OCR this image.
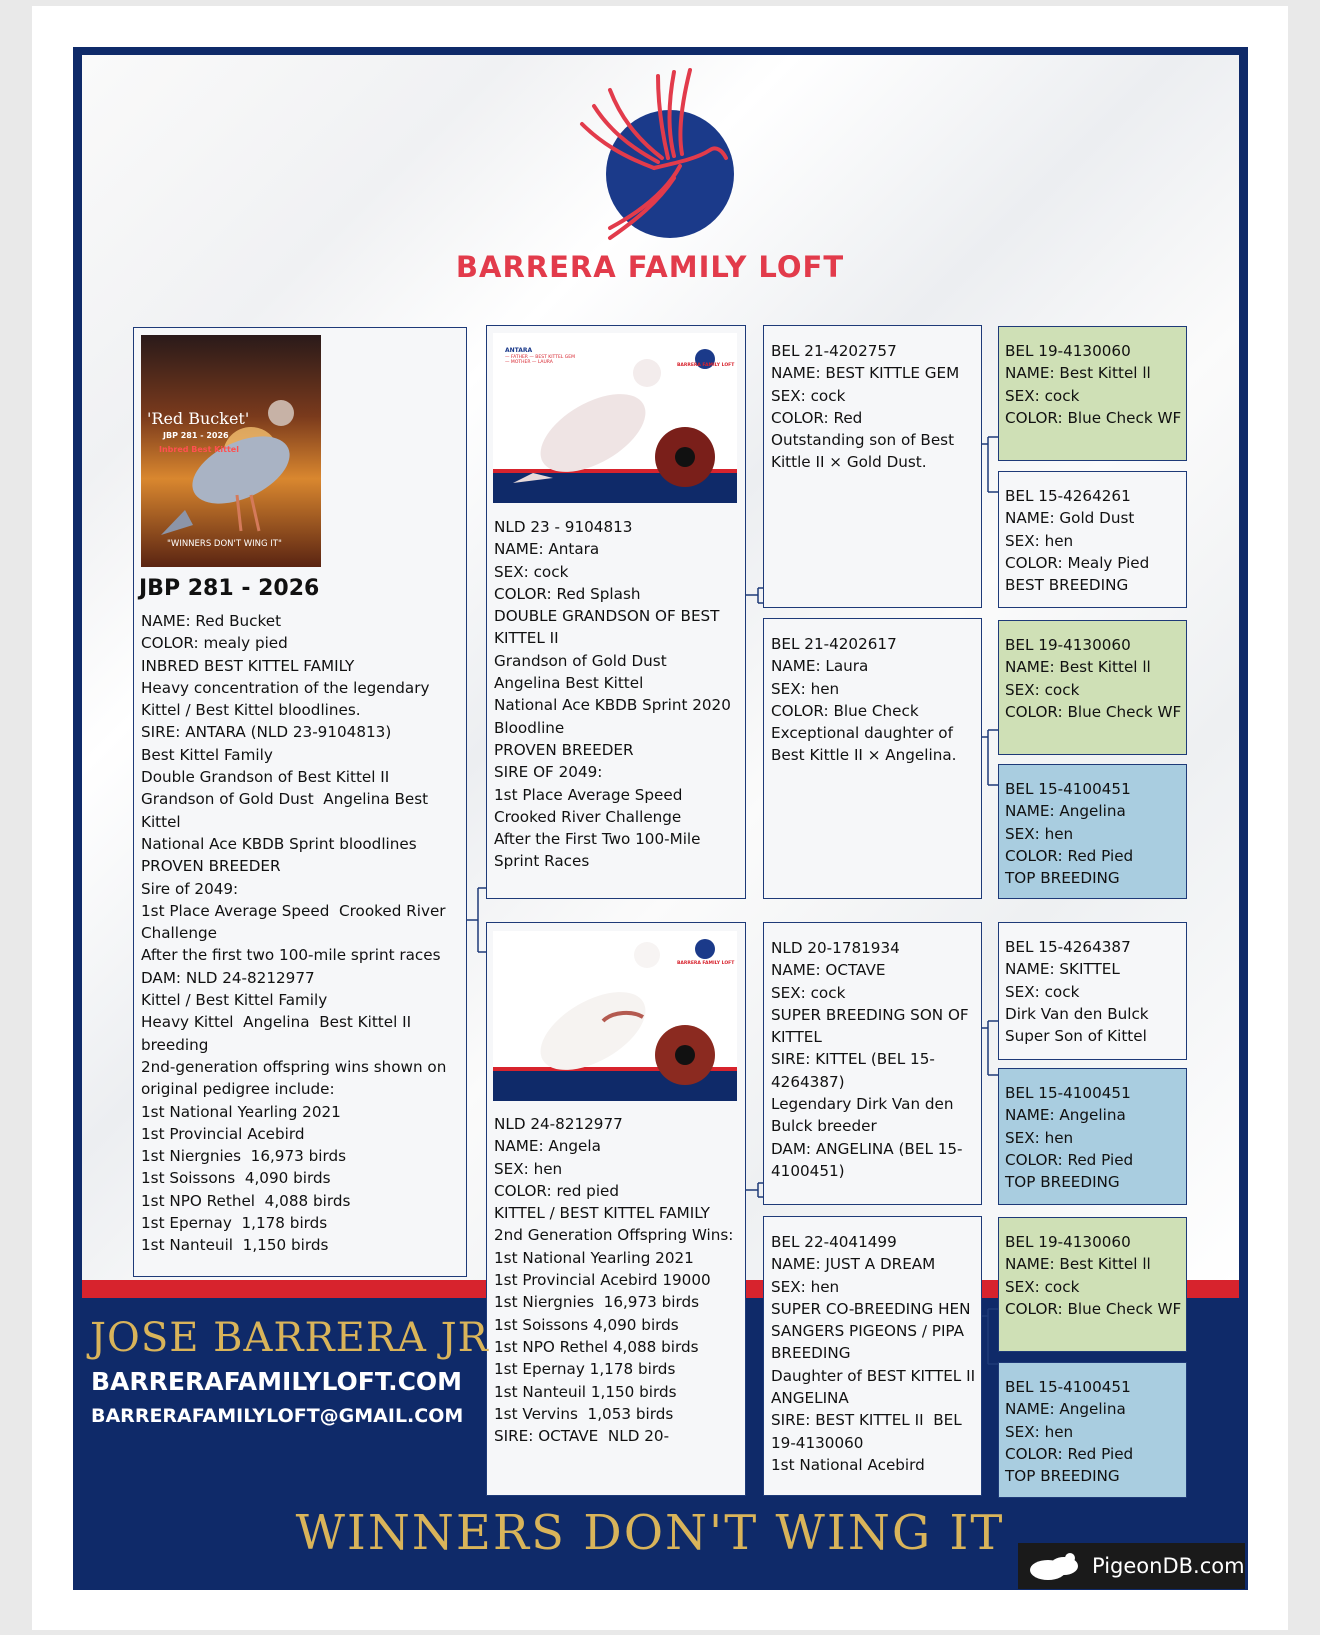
BARRERA FAMILY LOFT
'Red Bucket'
JBP 281 - 2026
Inbred Best Kittel
"WINNERS DON'T WING IT"
JBP 281 - 2026
NAME: Red Bucket
COLOR: mealy pied
INBRED BEST KITTEL FAMILY
Heavy concentration of the legendary Kittel / Best Kittel bloodlines.
SIRE: ANTARA (NLD 23-9104813)
Best Kittel Family
Double Grandson of Best Kittel II
Grandson of Gold Dust  Angelina Best Kittel
National Ace KBDB Sprint bloodlines
PROVEN BREEDER
Sire of 2049:
1st Place Average Speed  Crooked River Challenge
After the first two 100-mile sprint races
DAM: NLD 24-8212977
Kittel / Best Kittel Family
Heavy Kittel  Angelina  Best Kittel II breeding
2nd-generation offspring wins shown on original pedigree include:
1st National Yearling 2021
1st Provincial Acebird
1st Niergnies  16,973 birds
1st Soissons  4,090 birds
1st NPO Rethel  4,088 birds
1st Epernay  1,178 birds
1st Nanteuil  1,150 birds
ANTARA
— FATHER — BEST KITTEL GEM
— MOTHER — LAURA
BARRERA FAMILY LOFT
NLD 23 - 9104813
NAME: Antara
SEX: cock
COLOR: Red Splash
DOUBLE GRANDSON OF BEST KITTEL II
Grandson of Gold Dust
Angelina Best Kittel
National Ace KBDB Sprint 2020 Bloodline
PROVEN BREEDER
SIRE OF 2049:
1st Place Average Speed Crooked River Challenge
After the First Two 100-Mile Sprint Races
BARRERA FAMILY LOFT
NLD 24-8212977
NAME: Angela
SEX: hen
COLOR: red pied
KITTEL / BEST KITTEL FAMILY
2nd Generation Offspring Wins:
1st National Yearling 2021
1st Provincial Acebird 19000
1st Niergnies  16,973 birds
1st Soissons 4,090 birds
1st NPO Rethel 4,088 birds
1st Epernay 1,178 birds
1st Nanteuil 1,150 birds
1st Vervins  1,053 birds
SIRE: OCTAVE  NLD 20-
BEL 21-4202757
NAME: BEST KITTLE GEM
SEX: cock
COLOR: Red
Outstanding son of Best Kittle II × Gold Dust.
BEL 21-4202617
NAME: Laura
SEX: hen
COLOR: Blue Check
Exceptional daughter of Best Kittle II × Angelina.
NLD 20-1781934
NAME: OCTAVE
SEX: cock
SUPER BREEDING SON OF KITTEL
SIRE: KITTEL (BEL 15-4264387)
Legendary Dirk Van den Bulck breeder
DAM: ANGELINA (BEL 15-4100451)
BEL 22-4041499
NAME: JUST A DREAM
SEX: hen
SUPER CO-BREEDING HEN SANGERS PIGEONS / PIPA BREEDING
Daughter of BEST KITTEL II ANGELINA
SIRE: BEST KITTEL II  BEL 19-4130060
1st National Acebird
BEL 19-4130060
NAME: Best Kittel ll
SEX: cock
COLOR: Blue Check WF
BEL 15-4264261
NAME: Gold Dust
SEX: hen
COLOR: Mealy Pied
BEST BREEDING
BEL 19-4130060
NAME: Best Kittel ll
SEX: cock
COLOR: Blue Check WF
BEL 15-4100451
NAME: Angelina
SEX: hen
COLOR: Red Pied
TOP BREEDING
BEL 15-4264387
NAME: SKITTEL
SEX: cock
Dirk Van den Bulck
Super Son of Kittel
BEL 15-4100451
NAME: Angelina
SEX: hen
COLOR: Red Pied
TOP BREEDING
BEL 19-4130060
NAME: Best Kittel ll
SEX: cock
COLOR: Blue Check WF
BEL 15-4100451
NAME: Angelina
SEX: hen
COLOR: Red Pied
TOP BREEDING
JOSE BARRERA JR
BARRERAFAMILYLOFT.COM
BARRERAFAMILYLOFT@GMAIL.COM
WINNERS DON'T WING IT
PigeonDB.com
